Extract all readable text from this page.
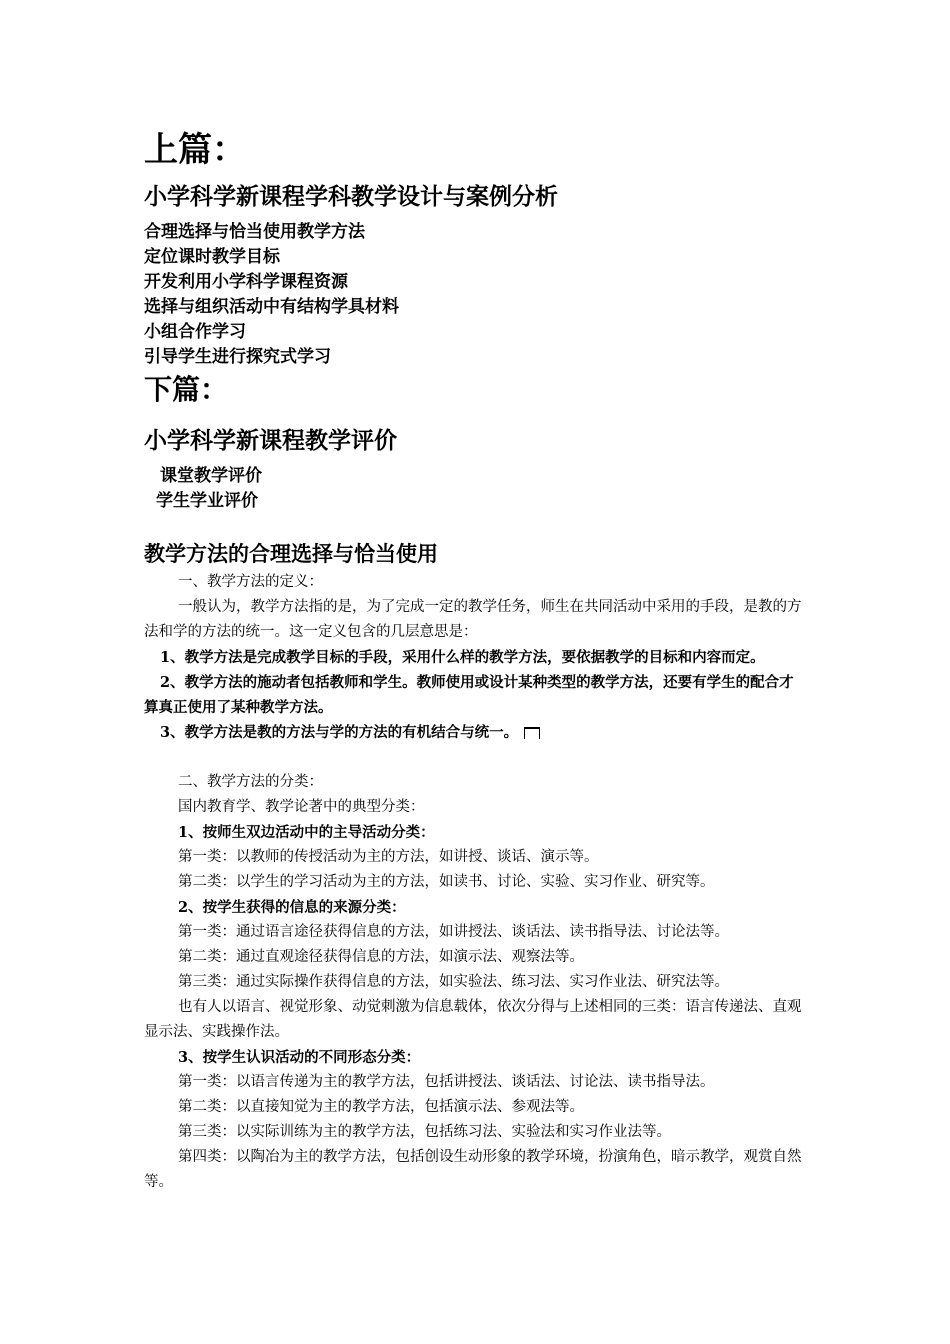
上篇：
小学科学新课程学科教学设计与案例分析
合理选择与恰当使用教学方法
定位课时教学目标
开发利用小学科学课程资源
选择与组织活动中有结构学具材料
小组合作学习
引导学生进行探究式学习
下篇：
小学科学新课程教学评价
课堂教学评价
学生学业评价
教学方法的合理选择与恰当使用

一、教学方法的定义：

一般认为，教学方法指的是，为了完成一定的教学任务，师生在共同活动中采用的手段，是教的方法和学的方法的统一。这一定义包含的几层意思是：

1、教学方法是完成教学目标的手段，采用什么样的教学方法，要依据教学的目标和内容而定。

2、教学方法的施动者包括教师和学生。教师使用或设计某种类型的教学方法，还要有学生的配合才算真正使用了某种教学方法。

3、教学方法是教的方法与学的方法的有机结合与统一。

二、教学方法的分类：

国内教育学、教学论著中的典型分类：

1、按师生双边活动中的主导活动分类：

第一类：以教师的传授活动为主的方法，如讲授、谈话、演示等。

第二类：以学生的学习活动为主的方法，如读书、讨论、实验、实习作业、研究等。

2、按学生获得的信息的来源分类：

第一类：通过语言途径获得信息的方法，如讲授法、谈话法、读书指导法、讨论法等。

第二类：通过直观途径获得信息的方法，如演示法、观察法等。

第三类：通过实际操作获得信息的方法，如实验法、练习法、实习作业法、研究法等。

也有人以语言、视觉形象、动觉刺激为信息载体，依次分得与上述相同的三类：语言传递法、直观显示法、实践操作法。

3、按学生认识活动的不同形态分类：

第一类：以语言传递为主的教学方法，包括讲授法、谈话法、讨论法、读书指导法。

第二类：以直接知觉为主的教学方法，包括演示法、参观法等。

第三类：以实际训练为主的教学方法，包括练习法、实验法和实习作业法等。

第四类：以陶冶为主的教学方法，包括创设生动形象的教学环境，扮演角色，暗示教学，观赏自然等。
